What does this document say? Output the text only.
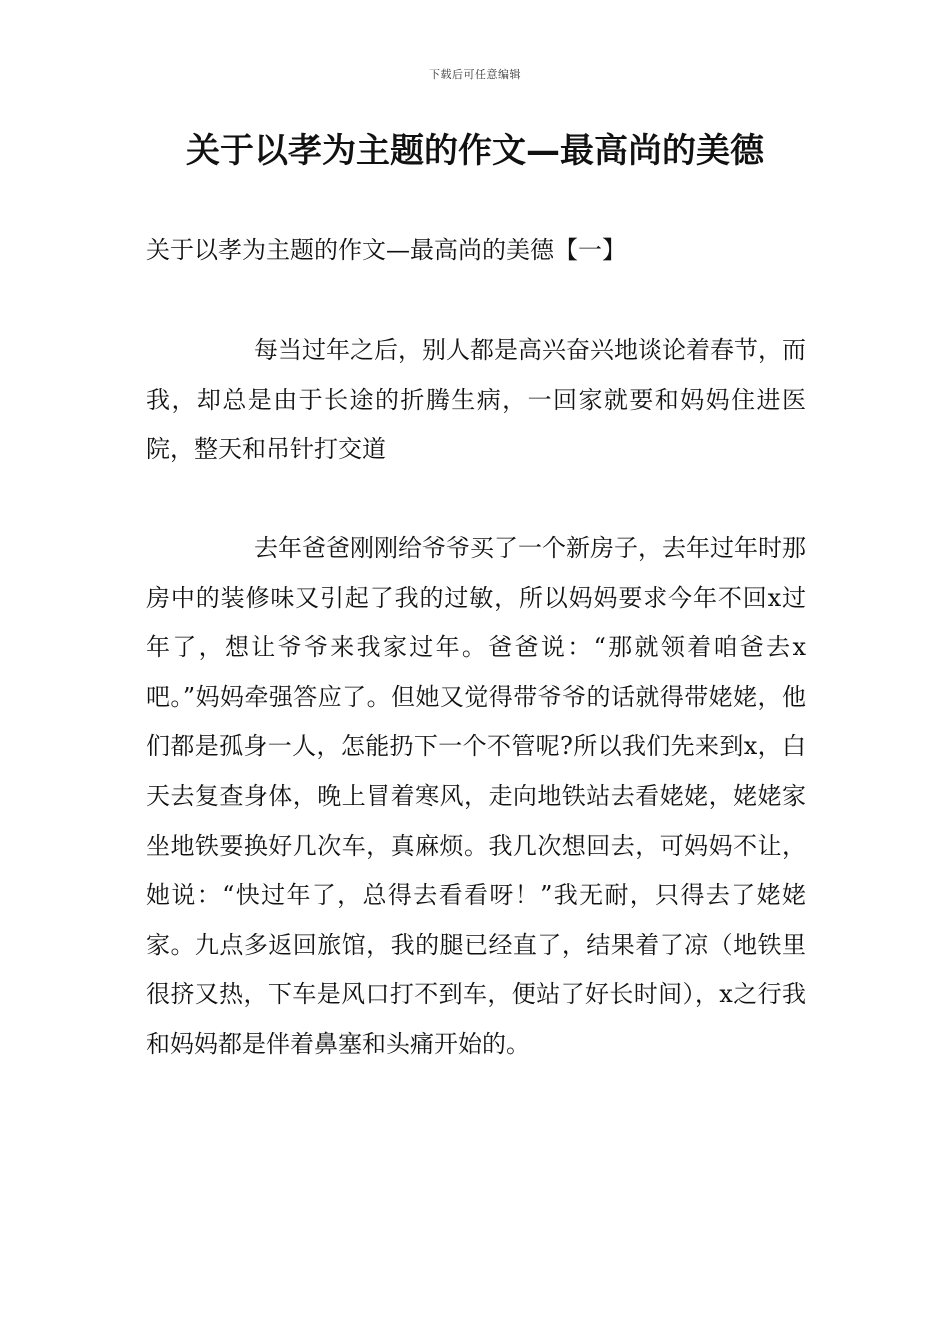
下载后可任意编辑
关于以孝为主题的作文—最高尚的美德
关于以孝为主题的作文—最高尚的美德【一】

每当过年之后，别人都是高兴奋兴地谈论着春节，而我，却总是由于长途的折腾生病，一回家就要和妈妈住进医院，整天和吊针打交道

去年爸爸刚刚给爷爷买了一个新房子，去年过年时那房中的装修味又引起了我的过敏，所以妈妈要求今年不回x过年了，想让爷爷来我家过年。爸爸说：“那就领着咱爸去x吧。”妈妈牵强答应了。但她又觉得带爷爷的话就得带姥姥，他们都是孤身一人，怎能扔下一个不管呢?所以我们先来到x，白天去复查身体，晚上冒着寒风，走向地铁站去看姥姥，姥姥家坐地铁要换好几次车，真麻烦。我几次想回去，可妈妈不让，她说：“快过年了，总得去看看呀！”我无耐，只得去了姥姥家。九点多返回旅馆，我的腿已经直了，结果着了凉（地铁里很挤又热，下车是风口打不到车，便站了好长时间），x之行我和妈妈都是伴着鼻塞和头痛开始的。
